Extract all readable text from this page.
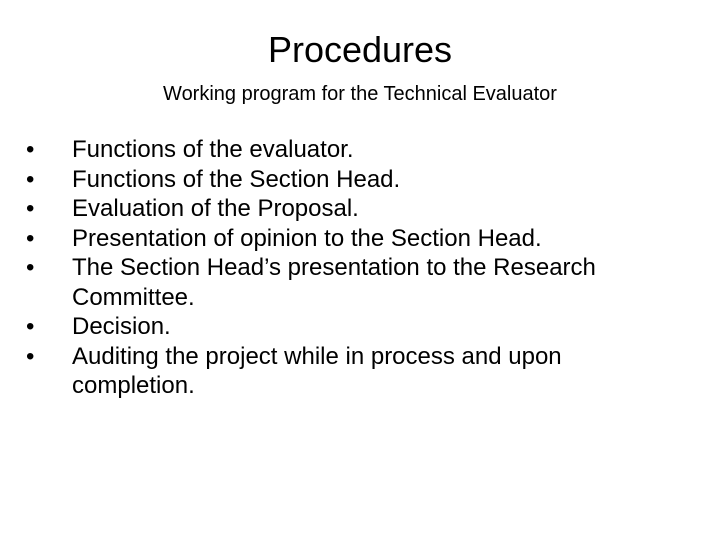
Procedures
Working program for the Technical Evaluator
•	Functions of the evaluator.
•	Functions of the Section Head.
•	Evaluation of the Proposal.
•	Presentation of opinion to the Section Head.
•	The Section Head’s presentation to the Research Committee.
•	Decision.
•	Auditing the project while in process and upon completion.
